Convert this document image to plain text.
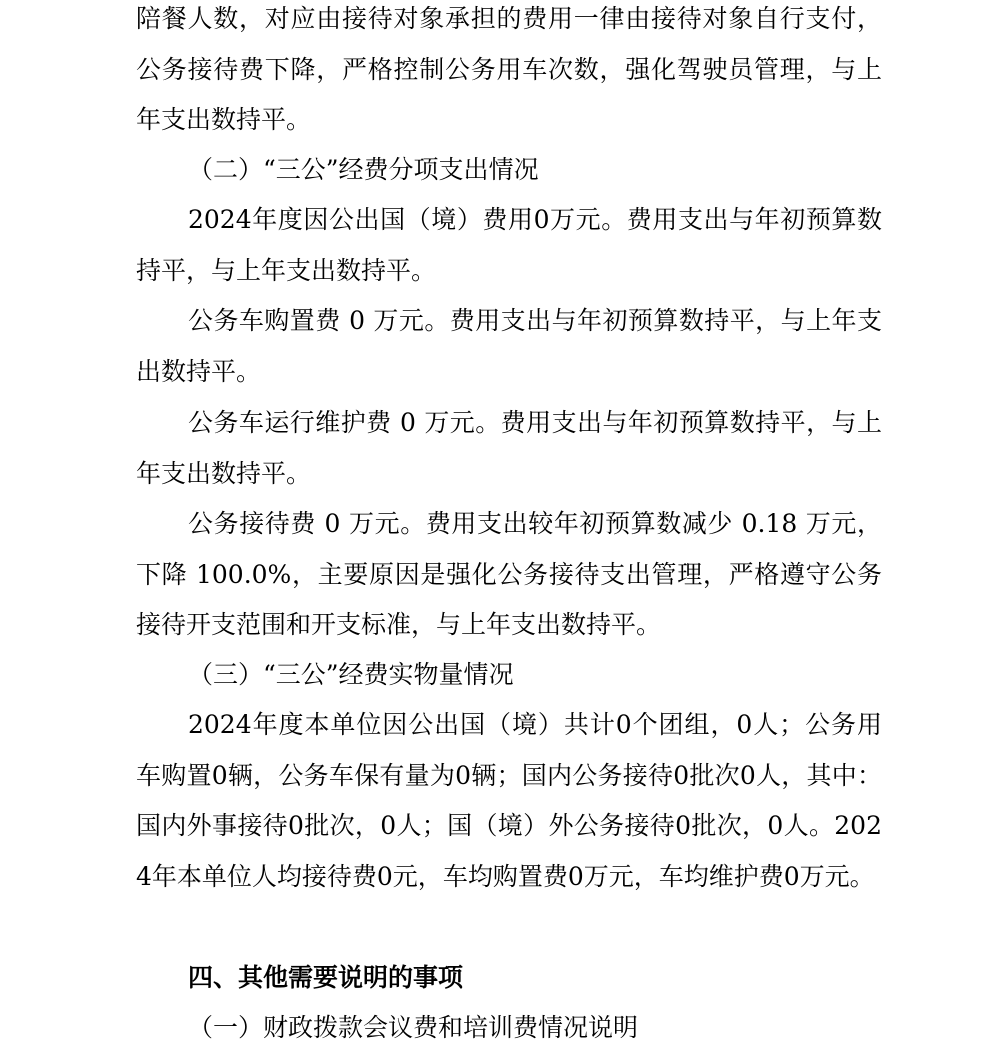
陪餐人数，对应由接待对象承担的费用一律由接待对象自行支付，公务接待费下降，严格控制公务用车次数，强化驾驶员管理，与上年支出数持平。

（二）“三公”经费分项支出情况

2024年度因公出国（境）费用0万元。费用支出与年初预算数持平，与上年支出数持平。

公务车购置费 0 万元。费用支出与年初预算数持平，与上年支出数持平。

公务车运行维护费 0 万元。费用支出与年初预算数持平，与上年支出数持平。

公务接待费 0 万元。费用支出较年初预算数减少 0.18 万元，下降 100.0%，主要原因是强化公务接待支出管理，严格遵守公务接待开支范围和开支标准，与上年支出数持平。

（三）“三公”经费实物量情况

2024年度本单位因公出国（境）共计0个团组，0人；公务用车购置0辆，公务车保有量为0辆；国内公务接待0批次0人，其中：国内外事接待0批次，0人；国（境）外公务接待0批次，0人。2024年本单位人均接待费0元，车均购置费0万元，车均维护费0万元。

四、其他需要说明的事项

（一）财政拨款会议费和培训费情况说明
